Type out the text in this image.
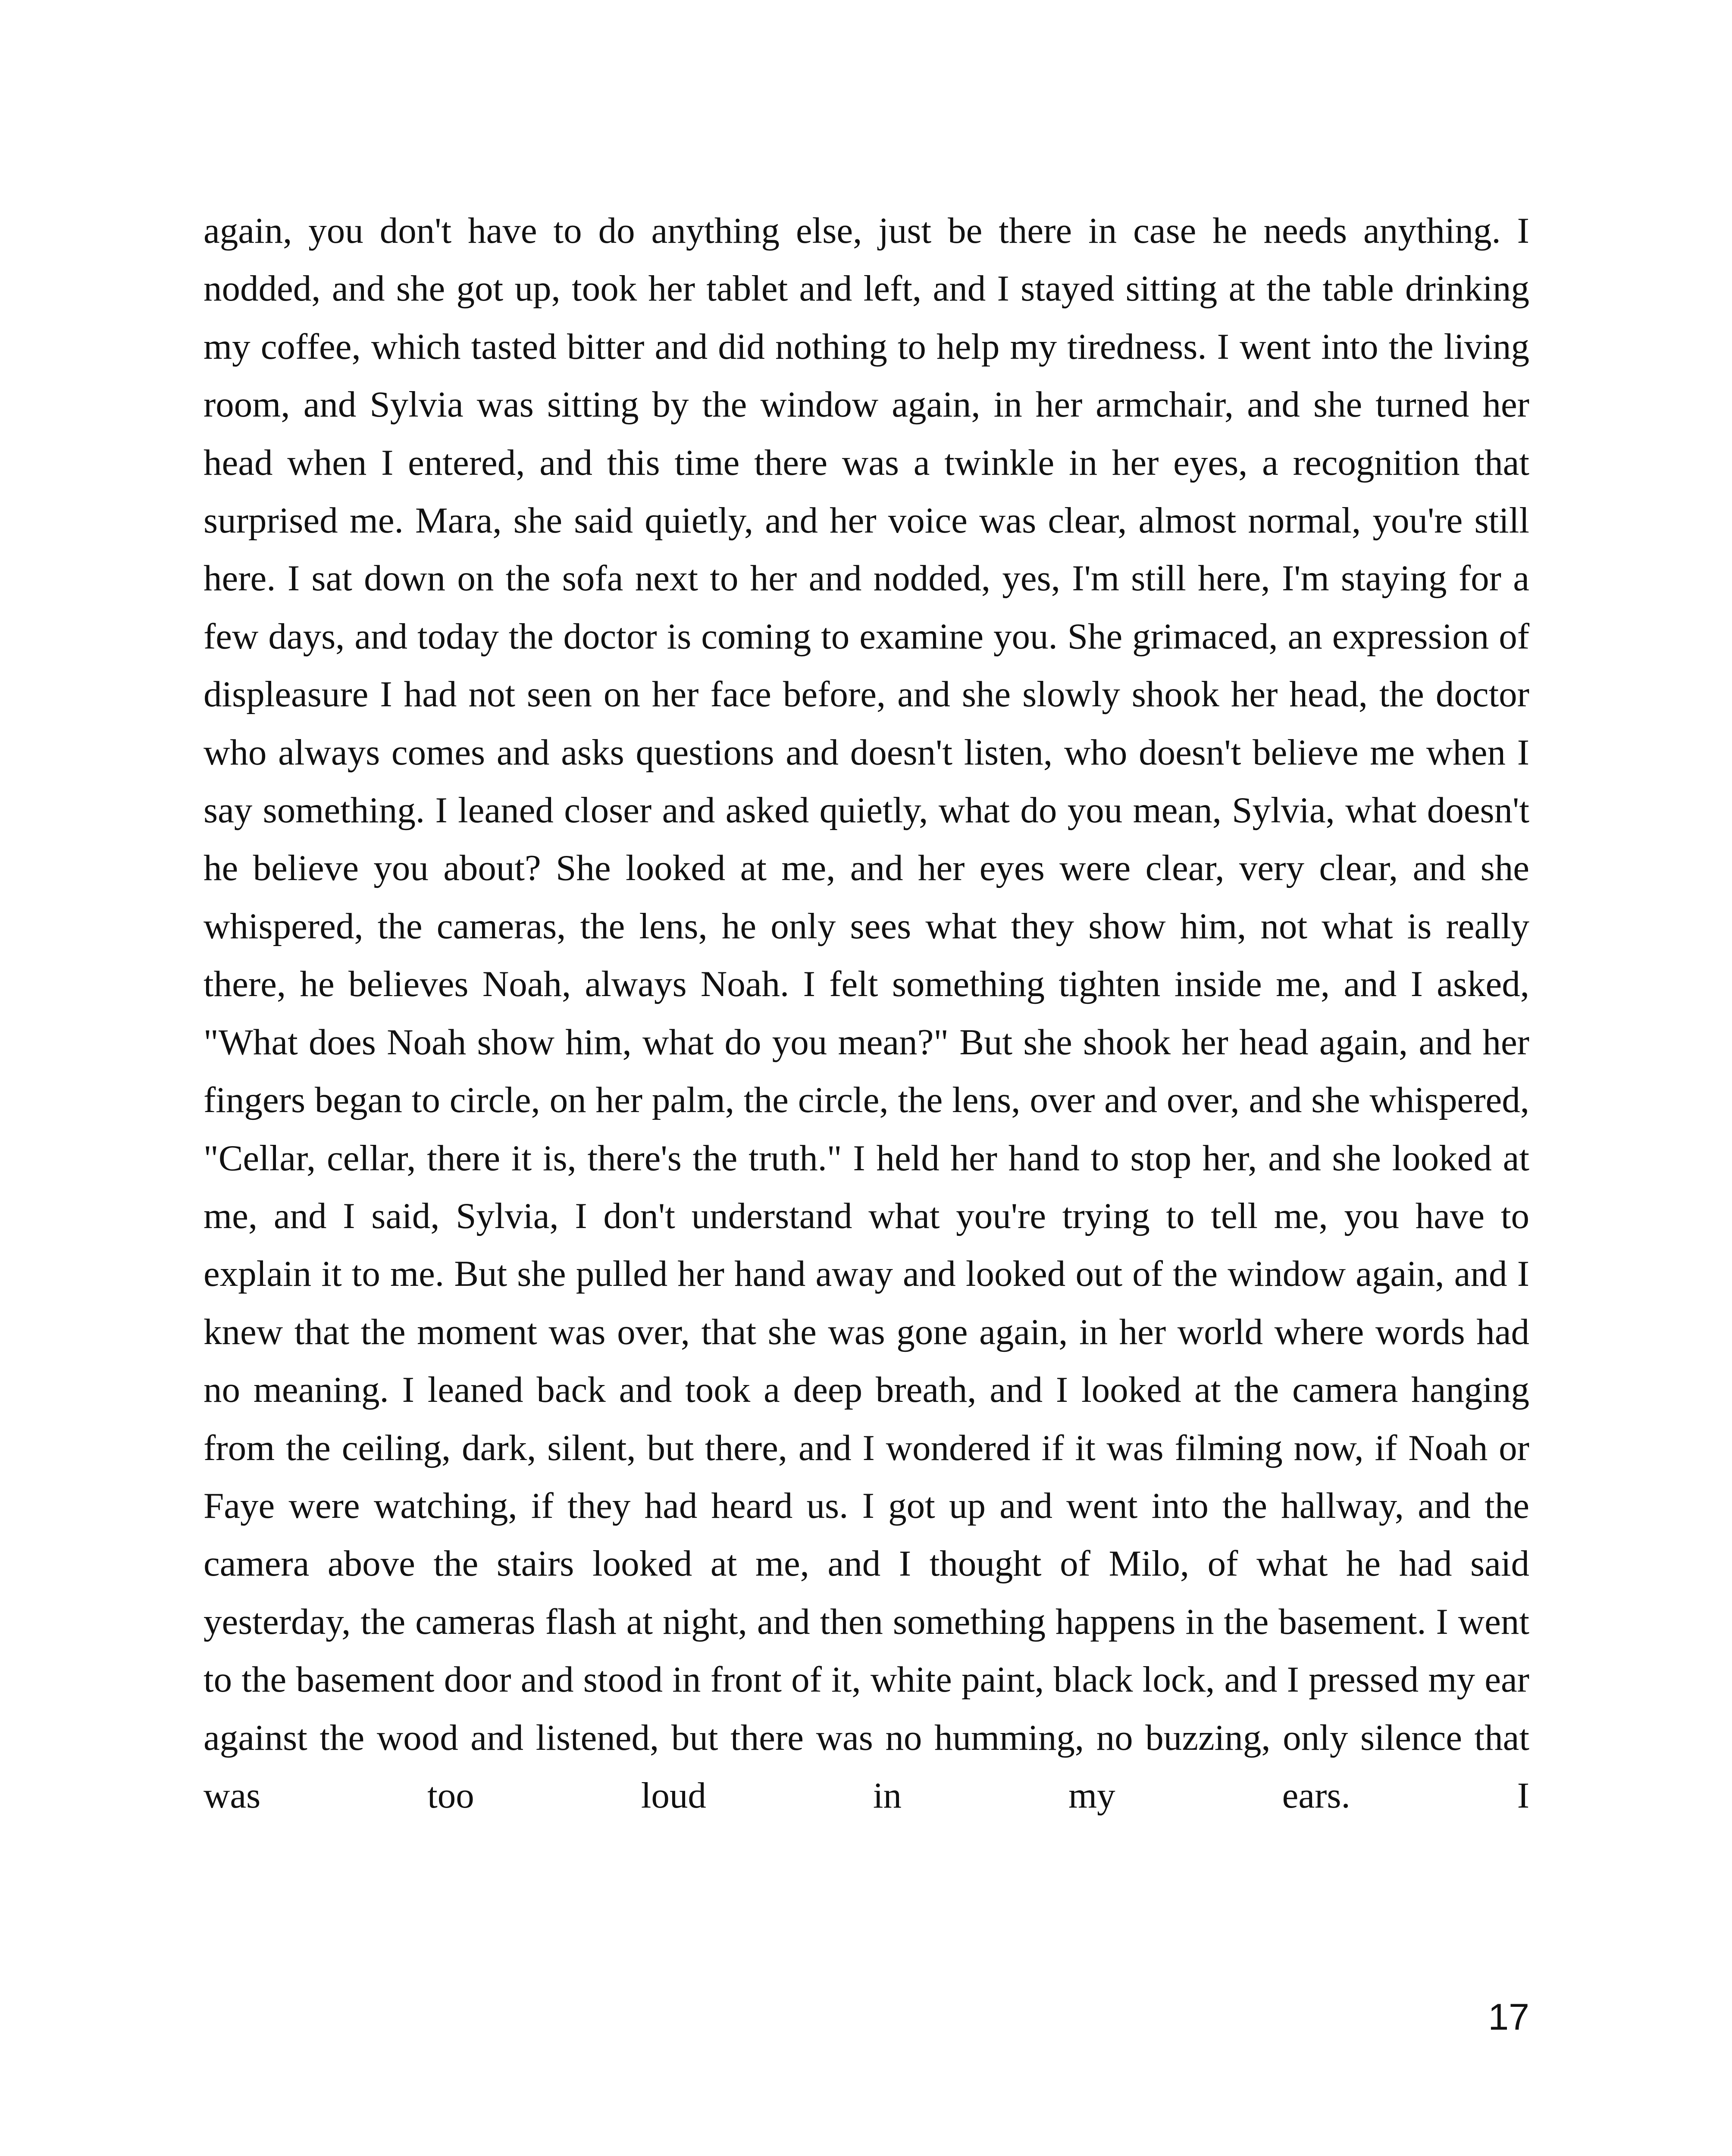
again, you don't have to do anything else, just be there in case he needs anything. I nodded, and she got up, took her tablet and left, and I stayed sitting at the table drinking my coffee, which tasted bitter and did nothing to help my tiredness. I went into the living room, and Sylvia was sitting by the window again, in her armchair, and she turned her head when I entered, and this time there was a twinkle in her eyes, a recognition that surprised me. Mara, she said quietly, and her voice was clear, almost normal, you're still here. I sat down on the sofa next to her and nodded, yes, I'm still here, I'm staying for a few days, and today the doctor is coming to examine you. She grimaced, an expression of displeasure I had not seen on her face before, and she slowly shook her head, the doctor who always comes and asks questions and doesn't listen, who doesn't believe me when I say something. I leaned closer and asked quietly, what do you mean, Sylvia, what doesn't he believe you about? She looked at me, and her eyes were clear, very clear, and she whispered, the cameras, the lens, he only sees what they show him, not what is really there, he believes Noah, always Noah. I felt something tighten inside me, and I asked, "What does Noah show him, what do you mean?" But she shook her head again, and her fingers began to circle, on her palm, the circle, the lens, over and over, and she whispered, "Cellar, cellar, there it is, there's the truth." I held her hand to stop her, and she looked at me, and I said, Sylvia, I don't understand what you're trying to tell me, you have to explain it to me. But she pulled her hand away and looked out of the window again, and I knew that the moment was over, that she was gone again, in her world where words had no meaning. I leaned back and took a deep breath, and I looked at the camera hanging from the ceiling, dark, silent, but there, and I wondered if it was filming now, if Noah or Faye were watching, if they had heard us. I got up and went into the hallway, and the camera above the stairs looked at me, and I thought of Milo, of what he had said yesterday, the cameras flash at night, and then something happens in the basement. I went to the basement door and stood in front of it, white paint, black lock, and I pressed my ear against the wood and listened, but there was no humming, no buzzing, only silence that was too loud in my ears. I

17
